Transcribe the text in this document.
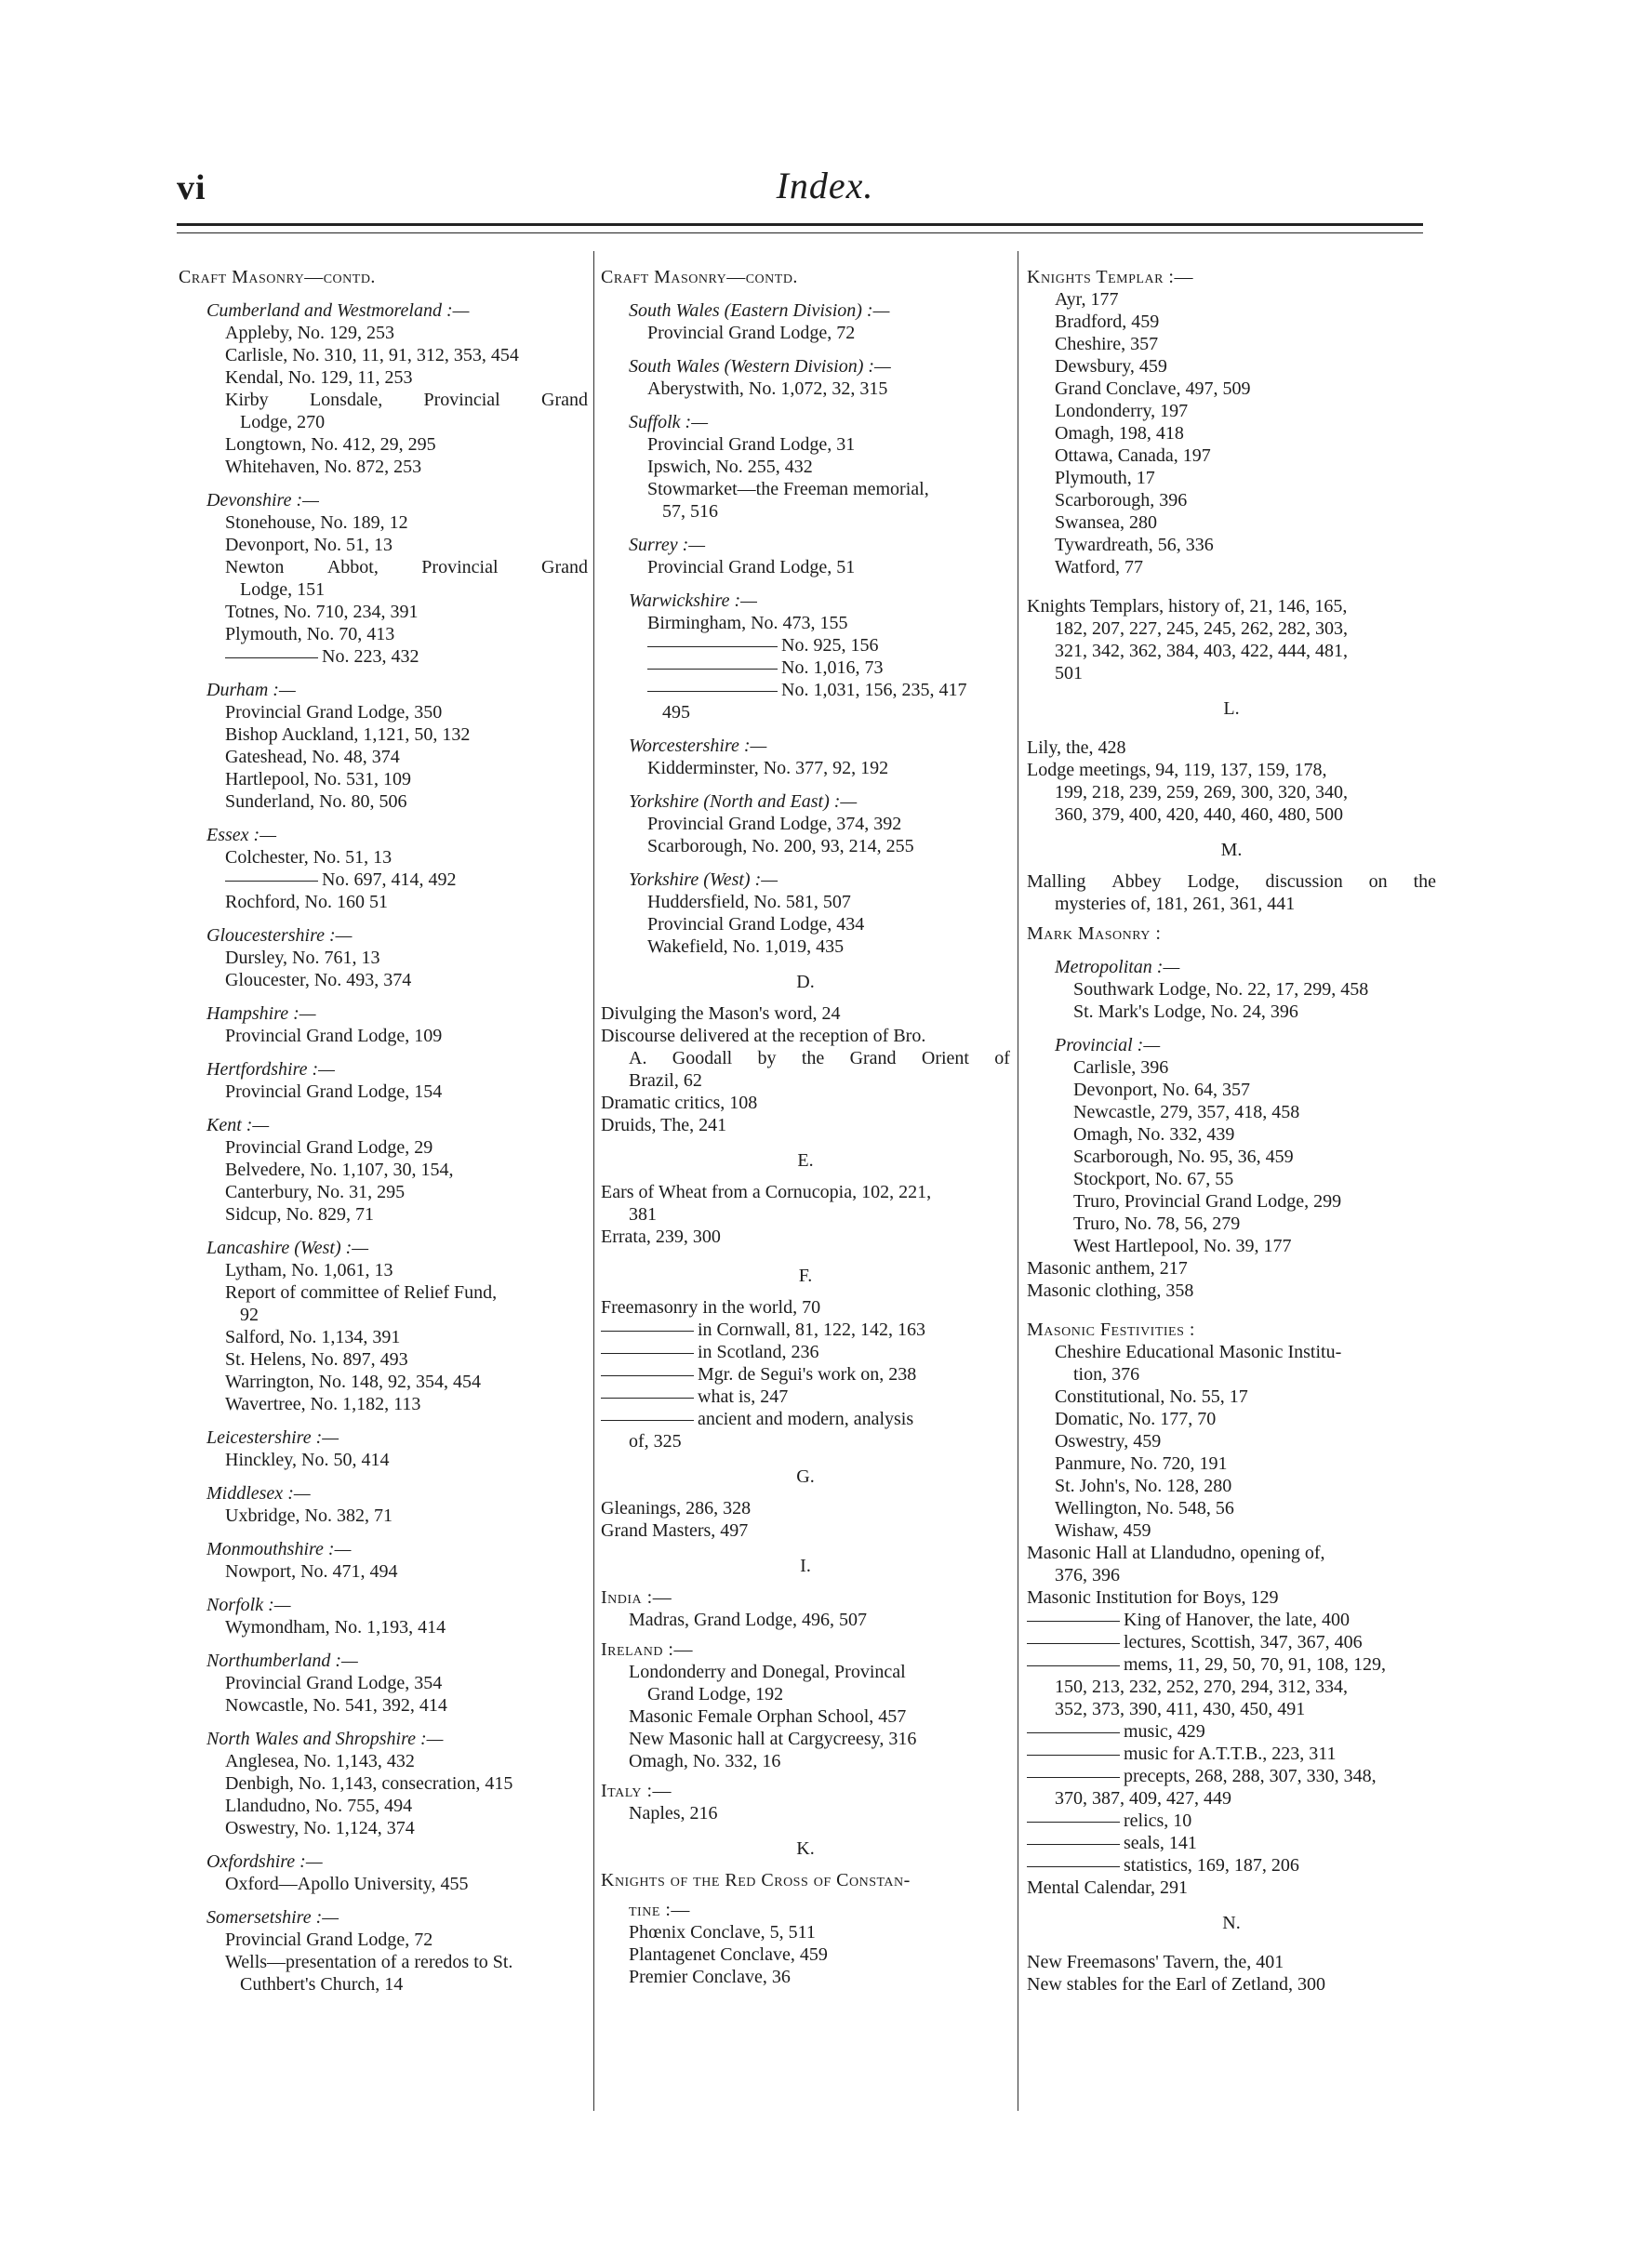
vi	Index.

Craft Masonry—contd.

Cumberland and Westmoreland :—

Appleby, No. 129, 253

Carlisle, No. 310, 11, 91, 312, 353, 454

Kendal, No. 129, 11, 253

Kirby Lonsdale, Provincial Grand

Lodge, 270

Longtown, No. 412, 29, 295

Whitehaven, No. 872, 253

Devonshire :—

Stonehouse, No. 189, 12

Devonport, No. 51, 13

Newton Abbot, Provincial Grand

Lodge, 151

Totnes, No. 710, 234, 391

Plymouth, No. 70, 413

No. 223, 432

Durham :—

Provincial Grand Lodge, 350

Bishop Auckland, 1,121, 50, 132

Gateshead, No. 48, 374

Hartlepool, No. 531, 109

Sunderland, No. 80, 506

Essex :—

Colchester, No. 51, 13

No. 697, 414, 492

Rochford, No. 160 51

Gloucestershire :—

Dursley, No. 761, 13

Gloucester, No. 493, 374

Hampshire :—

Provincial Grand Lodge, 109

Hertfordshire :—

Provincial Grand Lodge, 154

Kent :—

Provincial Grand Lodge, 29

Belvedere, No. 1,107, 30, 154,

Canterbury, No. 31, 295

Sidcup, No. 829, 71

Lancashire (West) :—

Lytham, No. 1,061, 13

Report of committee of Relief Fund,

92

Salford, No. 1,134, 391

St. Helens, No. 897, 493

Warrington, No. 148, 92, 354, 454

Wavertree, No. 1,182, 113

Leicestershire :—

Hinckley, No. 50, 414

Middlesex :—

Uxbridge, No. 382, 71

Monmouthshire :—

Nowport, No. 471, 494

Norfolk :—

Wymondham, No. 1,193, 414

Northumberland :—

Provincial Grand Lodge, 354

Nowcastle, No. 541, 392, 414

North Wales and Shropshire :—

Anglesea, No. 1,143, 432

Denbigh, No. 1,143, consecration, 415

Llandudno, No. 755, 494

Oswestry, No. 1,124, 374

Oxfordshire :—

Oxford—Apollo University, 455

Somersetshire :—

Provincial Grand Lodge, 72

Wells—presentation of a reredos to St.

Cuthbert's Church, 14

Craft Masonry—contd.

South Wales (Eastern Division) :—

Provincial Grand Lodge, 72

South Wales (Western Division) :—

Aberystwith, No. 1,072, 32, 315

Suffolk :—

Provincial Grand Lodge, 31

Ipswich, No. 255, 432

Stowmarket—the Freeman memorial,

57, 516

Surrey :—

Provincial Grand Lodge, 51

Warwickshire :—

Birmingham, No. 473, 155

No. 925, 156

No. 1,016, 73

No. 1,031, 156, 235, 417

495

Worcestershire :—

Kidderminster, No. 377, 92, 192

Yorkshire (North and East) :—

Provincial Grand Lodge, 374, 392

Scarborough, No. 200, 93, 214, 255

Yorkshire (West) :—

Huddersfield, No. 581, 507

Provincial Grand Lodge, 434

Wakefield, No. 1,019, 435

D.

Divulging the Mason's word, 24

Discourse delivered at the reception of Bro.

A. Goodall by the Grand Orient of

Brazil, 62

Dramatic critics, 108

Druids, The, 241

E.

Ears of Wheat from a Cornucopia, 102, 221,

381

Errata, 239, 300

F.

Freemasonry in the world, 70

in Cornwall, 81, 122, 142, 163

in Scotland, 236

Mgr. de Segui's work on, 238

what is, 247

ancient and modern, analysis

of, 325

G.

Gleanings, 286, 328

Grand Masters, 497

I.

India :—

Madras, Grand Lodge, 496, 507

Ireland :—

Londonderry and Donegal, Provincal

Grand Lodge, 192

Masonic Female Orphan School, 457

New Masonic hall at Cargycreesy, 316

Omagh, No. 332, 16

Italy :—

Naples, 216

K.

Knights of the Red Cross of Constan-

tine :—

Phœnix Conclave, 5, 511

Plantagenet Conclave, 459

Premier Conclave, 36

Knights Templar :—

Ayr, 177

Bradford, 459

Cheshire, 357

Dewsbury, 459

Grand Conclave, 497, 509

Londonderry, 197

Omagh, 198, 418

Ottawa, Canada, 197

Plymouth, 17

Scarborough, 396

Swansea, 280

Tywardreath, 56, 336

Watford, 77

Knights Templars, history of, 21, 146, 165,

182, 207, 227, 245, 245, 262, 282, 303,

321, 342, 362, 384, 403, 422, 444, 481,

501

L.

Lily, the, 428

Lodge meetings, 94, 119, 137, 159, 178,

199, 218, 239, 259, 269, 300, 320, 340,

360, 379, 400, 420, 440, 460, 480, 500

M.

Malling Abbey Lodge, discussion on the

mysteries of, 181, 261, 361, 441

Mark Masonry :

Metropolitan :—

Southwark Lodge, No. 22, 17, 299, 458

St. Mark's Lodge, No. 24, 396

Provincial :—

Carlisle, 396

Devonport, No. 64, 357

Newcastle, 279, 357, 418, 458

Omagh, No. 332, 439

Scarborough, No. 95, 36, 459

Stockport, No. 67, 55

Truro, Provincial Grand Lodge, 299

Truro, No. 78, 56, 279

West Hartlepool, No. 39, 177

Masonic anthem, 217

Masonic clothing, 358

Masonic Festivities :

Cheshire Educational Masonic Institu-

tion, 376

Constitutional, No. 55, 17

Domatic, No. 177, 70

Oswestry, 459

Panmure, No. 720, 191

St. John's, No. 128, 280

Wellington, No. 548, 56

Wishaw, 459

Masonic Hall at Llandudno, opening of,

376, 396

Masonic Institution for Boys, 129

King of Hanover, the late, 400

lectures, Scottish, 347, 367, 406

mems, 11, 29, 50, 70, 91, 108, 129,

150, 213, 232, 252, 270, 294, 312, 334,

352, 373, 390, 411, 430, 450, 491

music, 429

music for A.T.T.B., 223, 311

precepts, 268, 288, 307, 330, 348,

370, 387, 409, 427, 449

relics, 10

seals, 141

statistics, 169, 187, 206

Mental Calendar, 291

N.

New Freemasons' Tavern, the, 401

New stables for the Earl of Zetland, 300
